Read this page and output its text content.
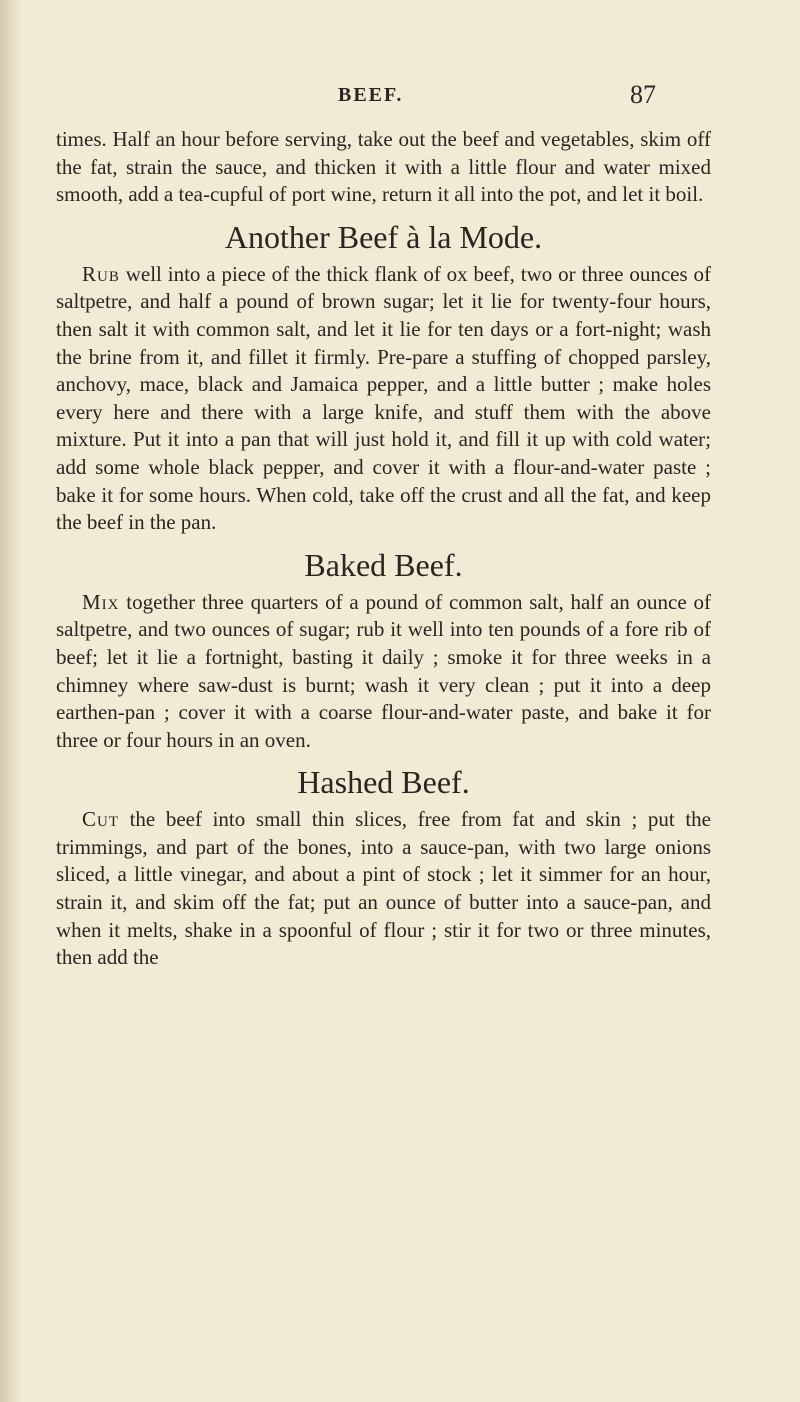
BEEF.	87

times. Half an hour before serving, take out the beef and vegetables, skim off the fat, strain the sauce, and thicken it with a little flour and water mixed smooth, add a tea-cupful of port wine, return it all into the pot, and let it boil.

Another Beef à la Mode.

Rub well into a piece of the thick flank of ox beef, two or three ounces of saltpetre, and half a pound of brown sugar; let it lie for twenty-four hours, then salt it with common salt, and let it lie for ten days or a fort-night; wash the brine from it, and fillet it firmly. Pre-pare a stuffing of chopped parsley, anchovy, mace, black and Jamaica pepper, and a little butter ; make holes every here and there with a large knife, and stuff them with the above mixture. Put it into a pan that will just hold it, and fill it up with cold water; add some whole black pepper, and cover it with a flour-and-water paste ; bake it for some hours. When cold, take off the crust and all the fat, and keep the beef in the pan.

Baked Beef.

Mix together three quarters of a pound of common salt, half an ounce of saltpetre, and two ounces of sugar; rub it well into ten pounds of a fore rib of beef; let it lie a fortnight, basting it daily ; smoke it for three weeks in a chimney where saw-dust is burnt; wash it very clean ; put it into a deep earthen-pan ; cover it with a coarse flour-and-water paste, and bake it for three or four hours in an oven.

Hashed Beef.

Cut the beef into small thin slices, free from fat and skin ; put the trimmings, and part of the bones, into a sauce-pan, with two large onions sliced, a little vinegar, and about a pint of stock ; let it simmer for an hour, strain it, and skim off the fat; put an ounce of butter into a sauce-pan, and when it melts, shake in a spoonful of flour ; stir it for two or three minutes, then add the
